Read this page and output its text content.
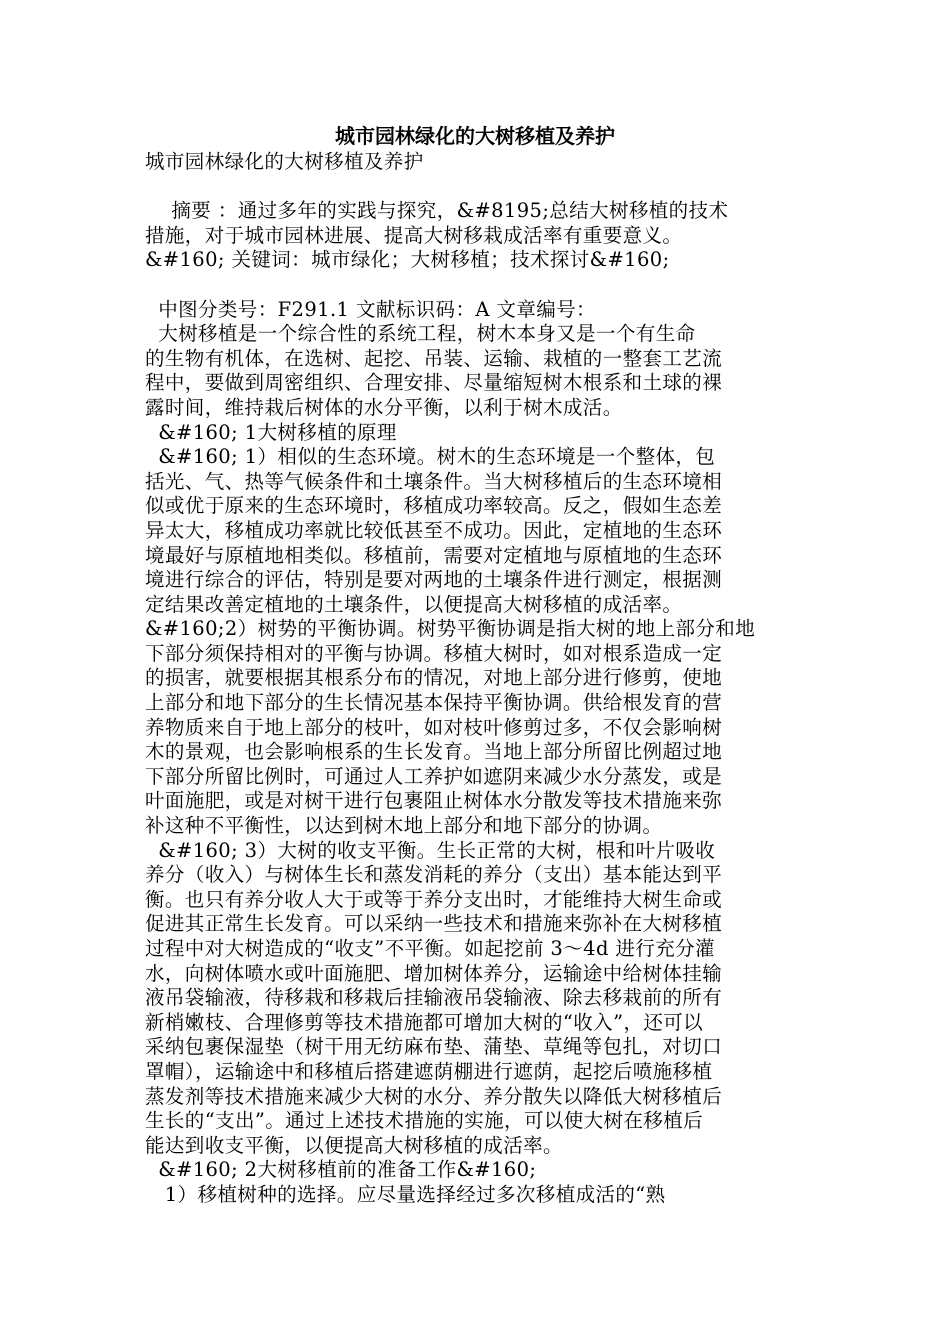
城市园林绿化的大树移植及养护
城市园林绿化的大树移植及养护
摘要 ：通过多年的实践与探究，&#8195;总结大树移植的技术
措施，对于城市园林进展、提高大树移栽成活率有重要意义。
&#160; 关键词：城市绿化；大树移植；技术探讨&#160;
中图分类号：F291.1 文献标识码：A 文章编号：
大树移植是一个综合性的系统工程，树木本身又是一个有生命
的生物有机体，在选树、起挖、吊装、运输、栽植的一整套工艺流
程中，要做到周密组织、合理安排、尽量缩短树木根系和土球的裸
露时间，维持栽后树体的水分平衡，以利于树木成活。
&#160; 1大树移植的原理
&#160; 1）相似的生态环境。树木的生态环境是一个整体，包
括光、气、热等气候条件和土壤条件。当大树移植后的生态环境相
似或优于原来的生态环境时，移植成功率较高。反之，假如生态差
异太大，移植成功率就比较低甚至不成功。因此，定植地的生态环
境最好与原植地相类似。移植前，需要对定植地与原植地的生态环
境进行综合的评估，特别是要对两地的土壤条件进行测定，根据测
定结果改善定植地的土壤条件，以便提高大树移植的成活率。
&#160;2）树势的平衡协调。树势平衡协调是指大树的地上部分和地
下部分须保持相对的平衡与协调。移植大树时，如对根系造成一定
的损害，就要根据其根系分布的情况，对地上部分进行修剪，使地
上部分和地下部分的生长情况基本保持平衡协调。供给根发育的营
养物质来自于地上部分的枝叶，如对枝叶修剪过多，不仅会影响树
木的景观，也会影响根系的生长发育。当地上部分所留比例超过地
下部分所留比例时，可通过人工养护如遮阴来减少水分蒸发，或是
叶面施肥，或是对树干进行包裹阻止树体水分散发等技术措施来弥
补这种不平衡性，以达到树木地上部分和地下部分的协调。
&#160; 3）大树的收支平衡。生长正常的大树，根和叶片吸收
养分（收入）与树体生长和蒸发消耗的养分（支出）基本能达到平
衡。也只有养分收人大于或等于养分支出时，才能维持大树生命或
促进其正常生长发育。可以采纳一些技术和措施来弥补在大树移植
过程中对大树造成的“收支”不平衡。如起挖前 3～4d 进行充分灌
水，向树体喷水或叶面施肥、增加树体养分，运输途中给树体挂输
液吊袋输液，待移栽和移栽后挂输液吊袋输液、除去移栽前的所有
新梢嫩枝、合理修剪等技术措施都可增加大树的“收入”，还可以
采纳包裹保湿垫（树干用无纺麻布垫、蒲垫、草绳等包扎，对切口
罩帽），运输途中和移植后搭建遮荫棚进行遮荫，起挖后喷施移植
蒸发剂等技术措施来减少大树的水分、养分散失以降低大树移植后
生长的“支出”。通过上述技术措施的实施，可以使大树在移植后
能达到收支平衡，以便提高大树移植的成活率。
&#160; 2大树移植前的准备工作&#160;
1）移植树种的选择。应尽量选择经过多次移植成活的“熟
